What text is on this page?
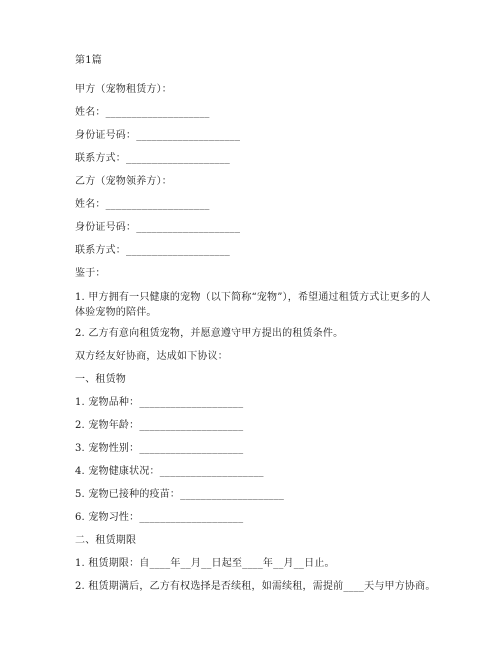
第1篇
甲方（宠物租赁方）：
姓名：____________________
身份证号码：____________________
联系方式：____________________
乙方（宠物领养方）：
姓名：____________________
身份证号码：____________________
联系方式：____________________
鉴于：
1. 甲方拥有一只健康的宠物（以下简称“宠物”），希望通过租赁方式让更多的人体验宠物的陪伴。
2. 乙方有意向租赁宠物，并愿意遵守甲方提出的租赁条件。
双方经友好协商，达成如下协议：
一、租赁物
1. 宠物品种：____________________
2. 宠物年龄：____________________
3. 宠物性别：____________________
4. 宠物健康状况：____________________
5. 宠物已接种的疫苗：____________________
6. 宠物习性：____________________
二、租赁期限
1. 租赁期限：自____年__月__日起至____年__月__日止。
2. 租赁期满后，乙方有权选择是否续租，如需续租，需提前____天与甲方协商。
